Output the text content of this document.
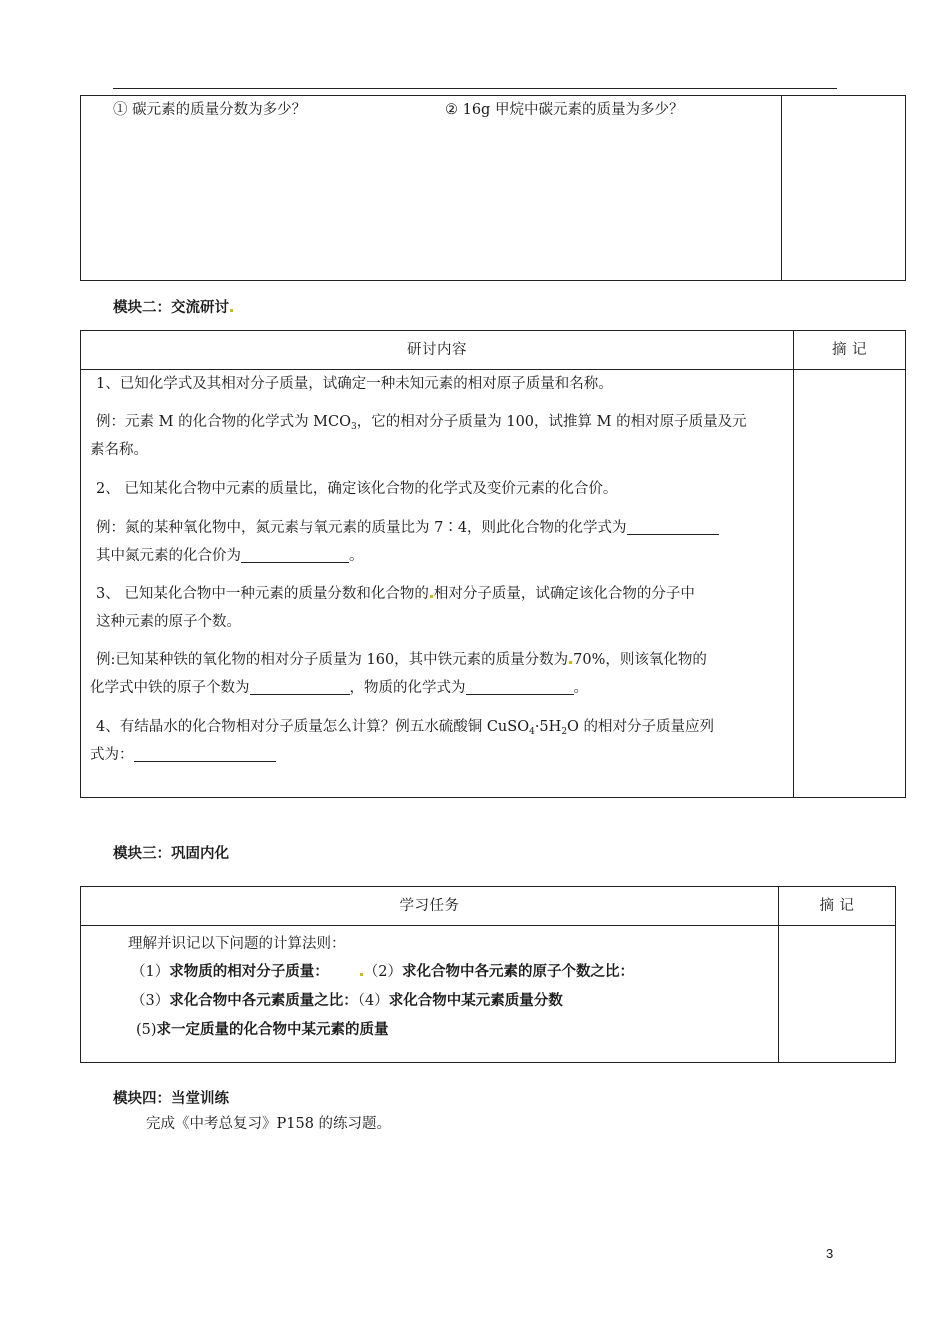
① 碳元素的质量分数为多少？	② 16g 甲烷中碳元素的质量为多少？
模块二：交流研讨
研讨内容	摘 记

1、已知化学式及其相对分子质量，试确定一种未知元素的相对原子质量和名称。
例：元素 M 的化合物的化学式为 $MCO_3$，它的相对分子质量为 100，试推算 M 的相对原子质量及元
素名称。
2、 已知某化合物中元素的质量比，确定该化合物的化学式及变价元素的化合价。
例：氮的某种氧化物中，氮元素与氧元素的质量比为 7∶4，则此化合物的化学式为
其中氮元素的化合价为	。
3、 已知某化合物中一种元素的质量分数和化合物的 相对分子质量，试确定该化合物的分子中
这种元素的原子个数。
例:已知某种铁的氧化物的相对分子质量为 160，其中铁元素的质量分数为 70%，则该氧化物的
化学式中铁的原子个数为	，物质的化学式为	。
4、有结晶水的化合物相对分子质量怎么计算？例五水硫酸铜 $CuSO_4\cdot 5H_2O$ 的相对分子质量应列
式为：
模块三：巩固内化
学习任务	摘 记

理解并识记以下问题的计算法则：
（1）求物质的相对分子质量： （2）求化合物中各元素的原子个数之比：
（3）求化合物中各元素质量之比：（4）求化合物中某元素质量分数
(5)求一定质量的化合物中某元素的质量
模块四：当堂训练
完成《中考总复习》P158 的练习题。
3
